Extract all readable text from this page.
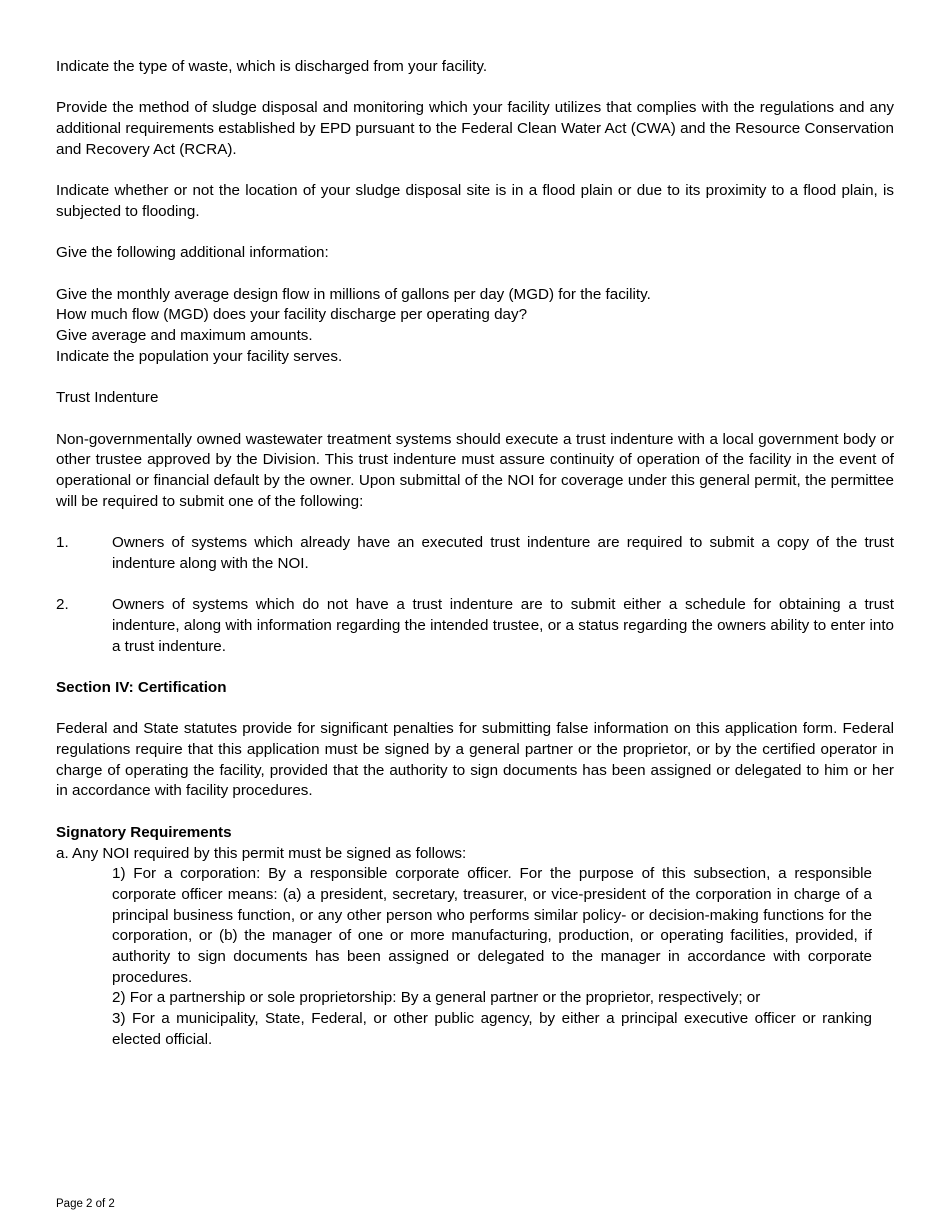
Indicate the type of waste, which is discharged from your facility.

Provide the method of sludge disposal and monitoring which your facility utilizes that complies with the regulations and any additional requirements established by EPD pursuant to the Federal Clean Water Act (CWA) and the Resource Conservation and Recovery Act (RCRA).

Indicate whether or not the location of your sludge disposal site is in a flood plain or due to its proximity to a flood plain, is subjected to flooding.

Give the following additional information:

Give the monthly average design flow in millions of gallons per day (MGD) for the facility.

How much flow (MGD) does your facility discharge per operating day?

Give average and maximum amounts.

Indicate the population your facility serves.

Trust Indenture

Non-governmentally owned wastewater treatment systems should execute a trust indenture with a local government body or other trustee approved by the Division. This trust indenture must assure continuity of operation of the facility in the event of operational or financial default by the owner. Upon submittal of the NOI for coverage under this general permit, the permittee will be required to submit one of the following:

1.	Owners of systems which already have an executed trust indenture are required to submit a copy of the trust indenture along with the NOI.
2.	Owners of systems which do not have a trust indenture are to submit either a schedule for obtaining a trust indenture, along with information regarding the intended trustee, or a status regarding the owners ability to enter into a trust indenture.

Section IV: Certification

Federal and State statutes provide for significant penalties for submitting false information on this application form. Federal regulations require that this application must be signed by a general partner or the proprietor, or by the certified operator in charge of operating the facility, provided that the authority to sign documents has been assigned or delegated to him or her in accordance with facility procedures.

Signatory Requirements

a. Any NOI required by this permit must be signed as follows:

1) For a corporation: By a responsible corporate officer. For the purpose of this subsection, a responsible corporate officer means: (a) a president, secretary, treasurer, or vice-president of the corporation in charge of a principal business function, or any other person who performs similar policy- or decision-making functions for the corporation, or (b) the manager of one or more manufacturing, production, or operating facilities, provided, if authority to sign documents has been assigned or delegated to the manager in accordance with corporate procedures.

2) For a partnership or sole proprietorship: By a general partner or the proprietor, respectively; or

3) For a municipality, State, Federal, or other public agency, by either a principal executive officer or ranking elected official.

Page 2 of 2
